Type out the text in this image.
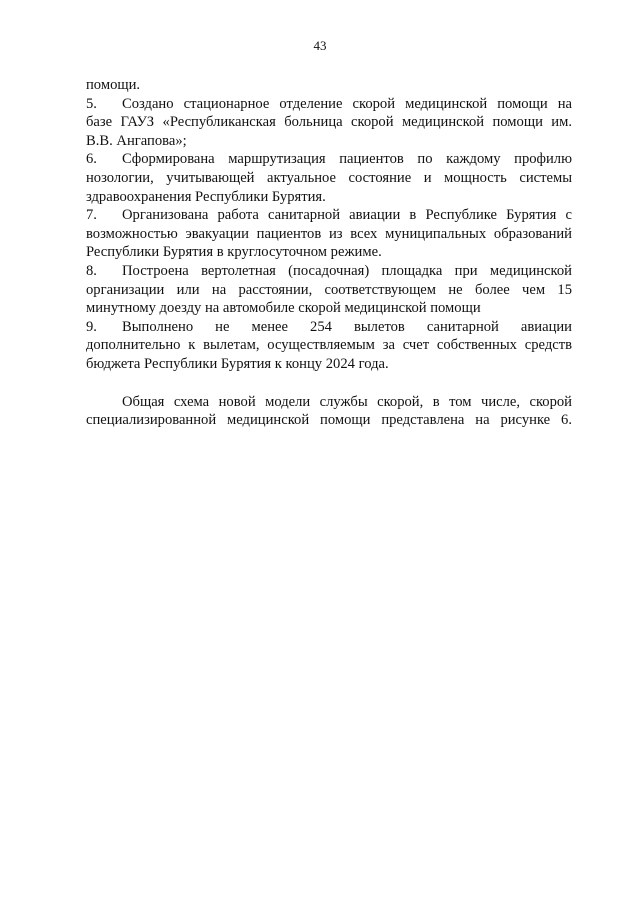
43
помощи.
5. Создано стационарное отделение скорой медицинской помощи на
базе ГАУЗ «Республиканская больница скорой медицинской помощи им.
В.В. Ангапова»;
6. Сформирована маршрутизация пациентов по каждому профилю
нозологии, учитывающей актуальное состояние и мощность системы
здравоохранения Республики Бурятия.
7. Организована работа санитарной авиации в Республике Бурятия с
возможностью эвакуации пациентов из всех муниципальных образований
Республики Бурятия в круглосуточном режиме.
8. Построена вертолетная (посадочная) площадка при медицинской
организации или на расстоянии, соответствующем не более чем 15
минутному доезду на автомобиле скорой медицинской помощи
9. Выполнено не менее 254 вылетов санитарной авиации
дополнительно к вылетам, осуществляемым за счет собственных средств
бюджета Республики Бурятия к концу 2024 года.
Общая схема новой модели службы скорой, в том числе, скорой
специализированной медицинской помощи представлена на рисунке 6.
